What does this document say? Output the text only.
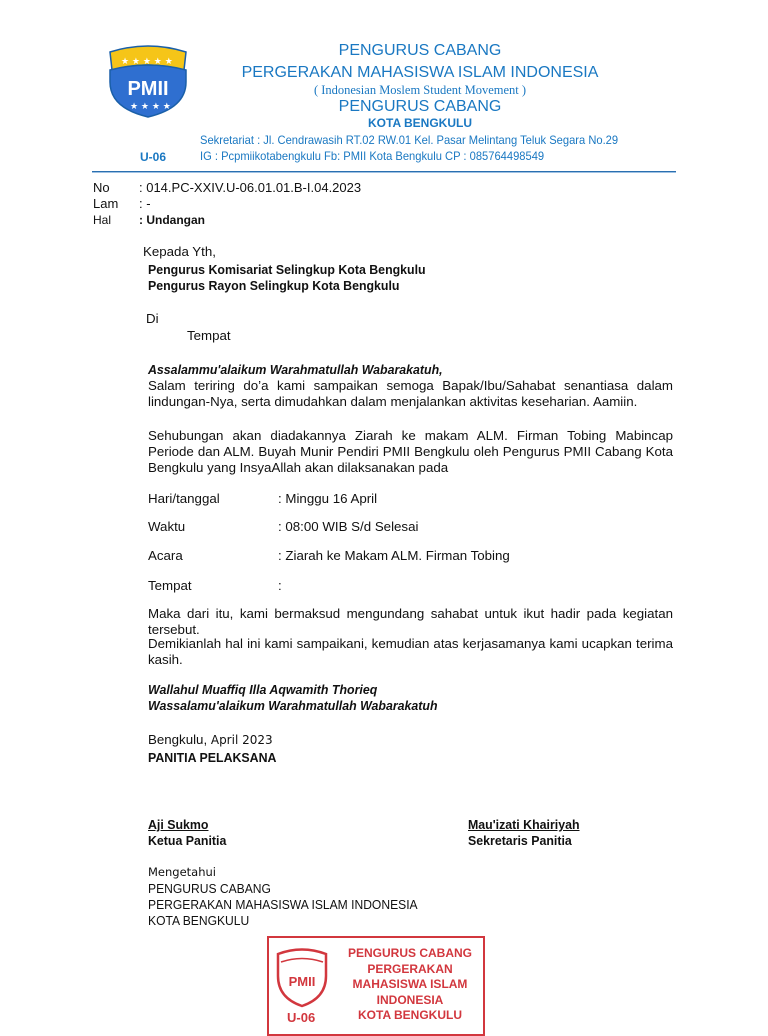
★ ★ ★ ★ ★
★ ★ ★ ★
PMII
PENGURUS CABANG
PERGERAKAN MAHASISWA ISLAM INDONESIA
( Indonesian Moslem Student Movement )
PENGURUS CABANG
KOTA BENGKULU
Sekretariat : Jl. Cendrawasih RT.02 RW.01 Kel. Pasar Melintang Teluk Segara No.29
U-06	IG : Pcpmiikotabengkulu Fb: PMII Kota Bengkulu CP : 085764498549
No : 014.PC-XXIV.U-06.01.01.B-I.04.2023
Lam : -
Hal : Undangan
Kepada Yth,
Pengurus Komisariat Selingkup Kota Bengkulu
Pengurus Rayon Selingkup Kota Bengkulu
Di
Tempat
Assalammu'alaikum Warahmatullah Wabarakatuh,
Salam teriring do’a kami sampaikan semoga Bapak/Ibu/Sahabat senantiasa dalam lindungan-Nya, serta dimudahkan dalam menjalankan aktivitas keseharian. Aamiin.
Sehubungan akan diadakannya Ziarah ke makam ALM. Firman Tobing Mabincap Periode dan ALM. Buyah Munir Pendiri PMII Bengkulu oleh Pengurus PMII Cabang Kota Bengkulu yang InsyaAllah akan dilaksanakan pada
Hari/tanggal	: Minggu 16 April
Waktu	: 08:00 WIB S/d Selesai
Acara	: Ziarah ke Makam ALM. Firman Tobing
Tempat	:
Maka dari itu, kami bermaksud mengundang sahabat untuk ikut hadir pada kegiatan tersebut.
Demikianlah hal ini kami sampaikani, kemudian atas kerjasamanya kami ucapkan terima kasih.
Wallahul Muaffiq Illa Aqwamith Thorieq
Wassalamu'alaikum Warahmatullah Wabarakatuh
Bengkulu, April 2023
PANITIA PELAKSANA
Aji Sukmo
Ketua Panitia
Mau'izati Khairiyah
Sekretaris Panitia
Mengetahui
PENGURUS CABANG
PERGERAKAN MAHASISWA ISLAM INDONESIA
KOTA BENGKULU
PMII
PENGURUS CABANG
PERGERAKAN
MAHASISWA ISLAM
INDONESIA
KOTA BENGKULU
U-06
